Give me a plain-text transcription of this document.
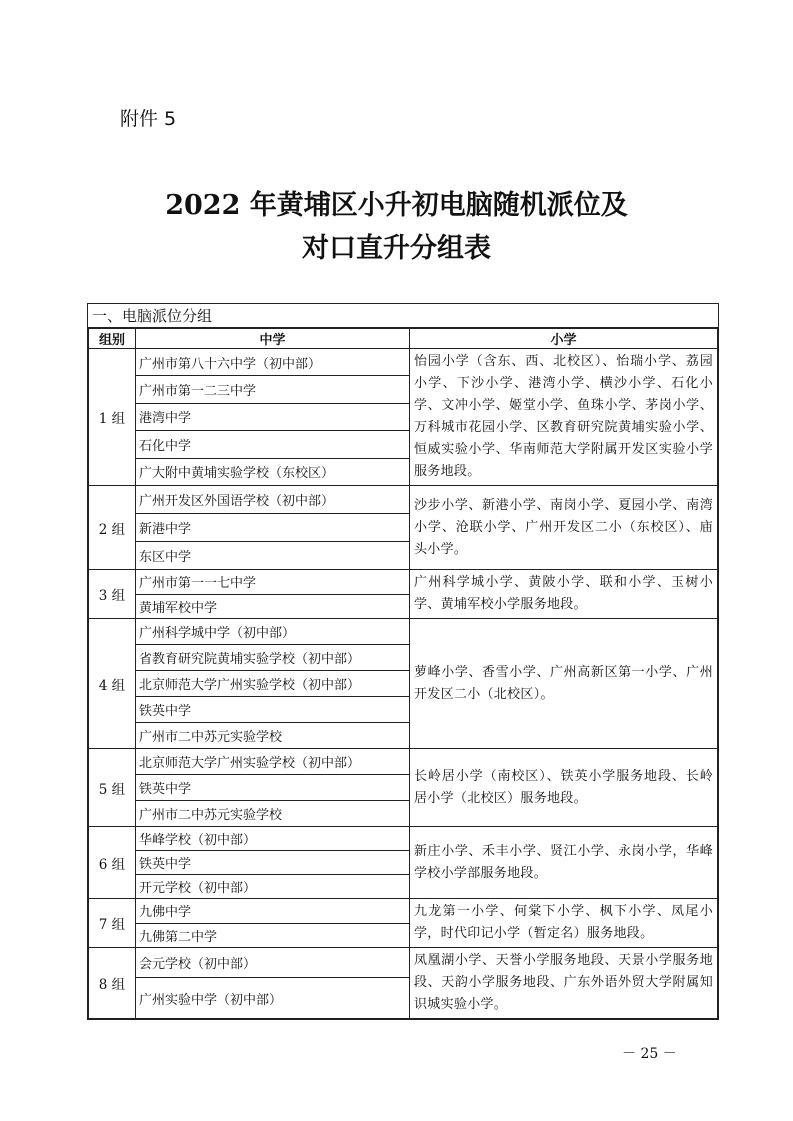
附件 5
2022 年黄埔区小升初电脑随机派位及
对口直升分组表
一、电脑派位分组
组别	中学	小学
1 组	广州市第八十六中学（初中部）	怡园小学（含东、西、北校区）、怡瑞小学、荔园小学、下沙小学、港湾小学、横沙小学、石化小学、文冲小学、姬堂小学、鱼珠小学、茅岗小学、万科城市花园小学、区教育研究院黄埔实验小学、恒威实验小学、华南师范大学附属开发区实验小学服务地段。
	广州市第一二三中学	
	港湾中学	
	石化中学	
	广大附中黄埔实验学校（东校区）	
2 组	广州开发区外国语学校（初中部）	沙步小学、新港小学、南岗小学、夏园小学、南湾小学、沧联小学、广州开发区二小（东校区）、庙头小学。
	新港中学	
	东区中学	
3 组	广州市第一一七中学	广州科学城小学、黄陂小学、联和小学、玉树小学、黄埔军校小学服务地段。
	黄埔军校中学	
4 组	广州科学城中学（初中部）	萝峰小学、香雪小学、广州高新区第一小学、广州开发区二小（北校区）。
	省教育研究院黄埔实验学校（初中部）	
	北京师范大学广州实验学校（初中部）	
	铁英中学	
	广州市二中苏元实验学校	
5 组	北京师范大学广州实验学校（初中部）	长岭居小学（南校区）、铁英小学服务地段、长岭居小学（北校区）服务地段。
	铁英中学	
	广州市二中苏元实验学校	
6 组	华峰学校（初中部）	新庄小学、禾丰小学、贤江小学、永岗小学，华峰学校小学部服务地段。
	铁英中学	
	开元学校（初中部）	
7 组	九佛中学	九龙第一小学、何棠下小学、枫下小学、凤尾小学，时代印记小学（暂定名）服务地段。
	九佛第二中学	
8 组	会元学校（初中部）	凤凰湖小学、天誉小学服务地段、天景小学服务地段、天韵小学服务地段、广东外语外贸大学附属知识城实验小学。
	广州实验中学（初中部）	
－ 25 －
